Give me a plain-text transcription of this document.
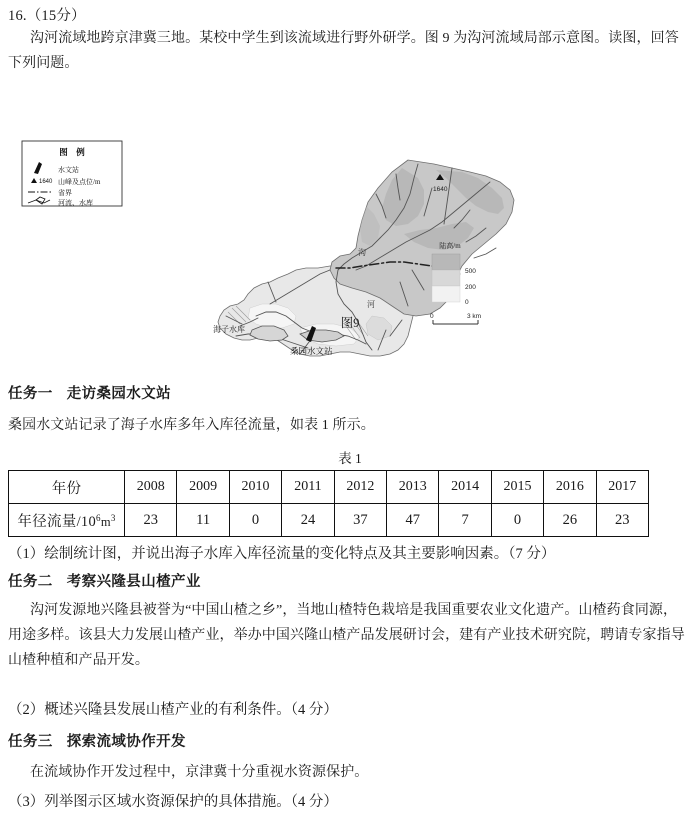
16.（15分）
沟河流域地跨京津冀三地。某校中学生到该流域进行野外研学。图 9 为沟河流域局部示意图。读图，回答
下列问题。
1640
海子水库
桑园水文站
沟
河
图　例
水文站
1640 山峰及点位/m
省界
河流、水库
陆高/m
500
200
0
0	3 km
图9
任务一 走访桑园水文站
桑园水文站记录了海子水库多年入库径流量，如表 1 所示。
表 1
年份	2008	2009	2010	2011	2012	2013	2014	2015	2016	2017
年径流量$/10^6m^3$	23	11	0	24	37	47	7	0	26	23
（1）绘制统计图，并说出海子水库入库径流量的变化特点及其主要影响因素。（7 分）
任务二 考察兴隆县山楂产业
沟河发源地兴隆县被誉为“中国山楂之乡”，当地山楂特色栽培是我国重要农业文化遗产。山楂药食同源，
用途多样。该县大力发展山楂产业，举办中国兴隆山楂产品发展研讨会，建有产业技术研究院，聘请专家指导
山楂种植和产品开发。
（2）概述兴隆县发展山楂产业的有利条件。（4 分）
任务三 探索流域协作开发
在流域协作开发过程中，京津冀十分重视水资源保护。
（3）列举图示区域水资源保护的具体措施。（4 分）
